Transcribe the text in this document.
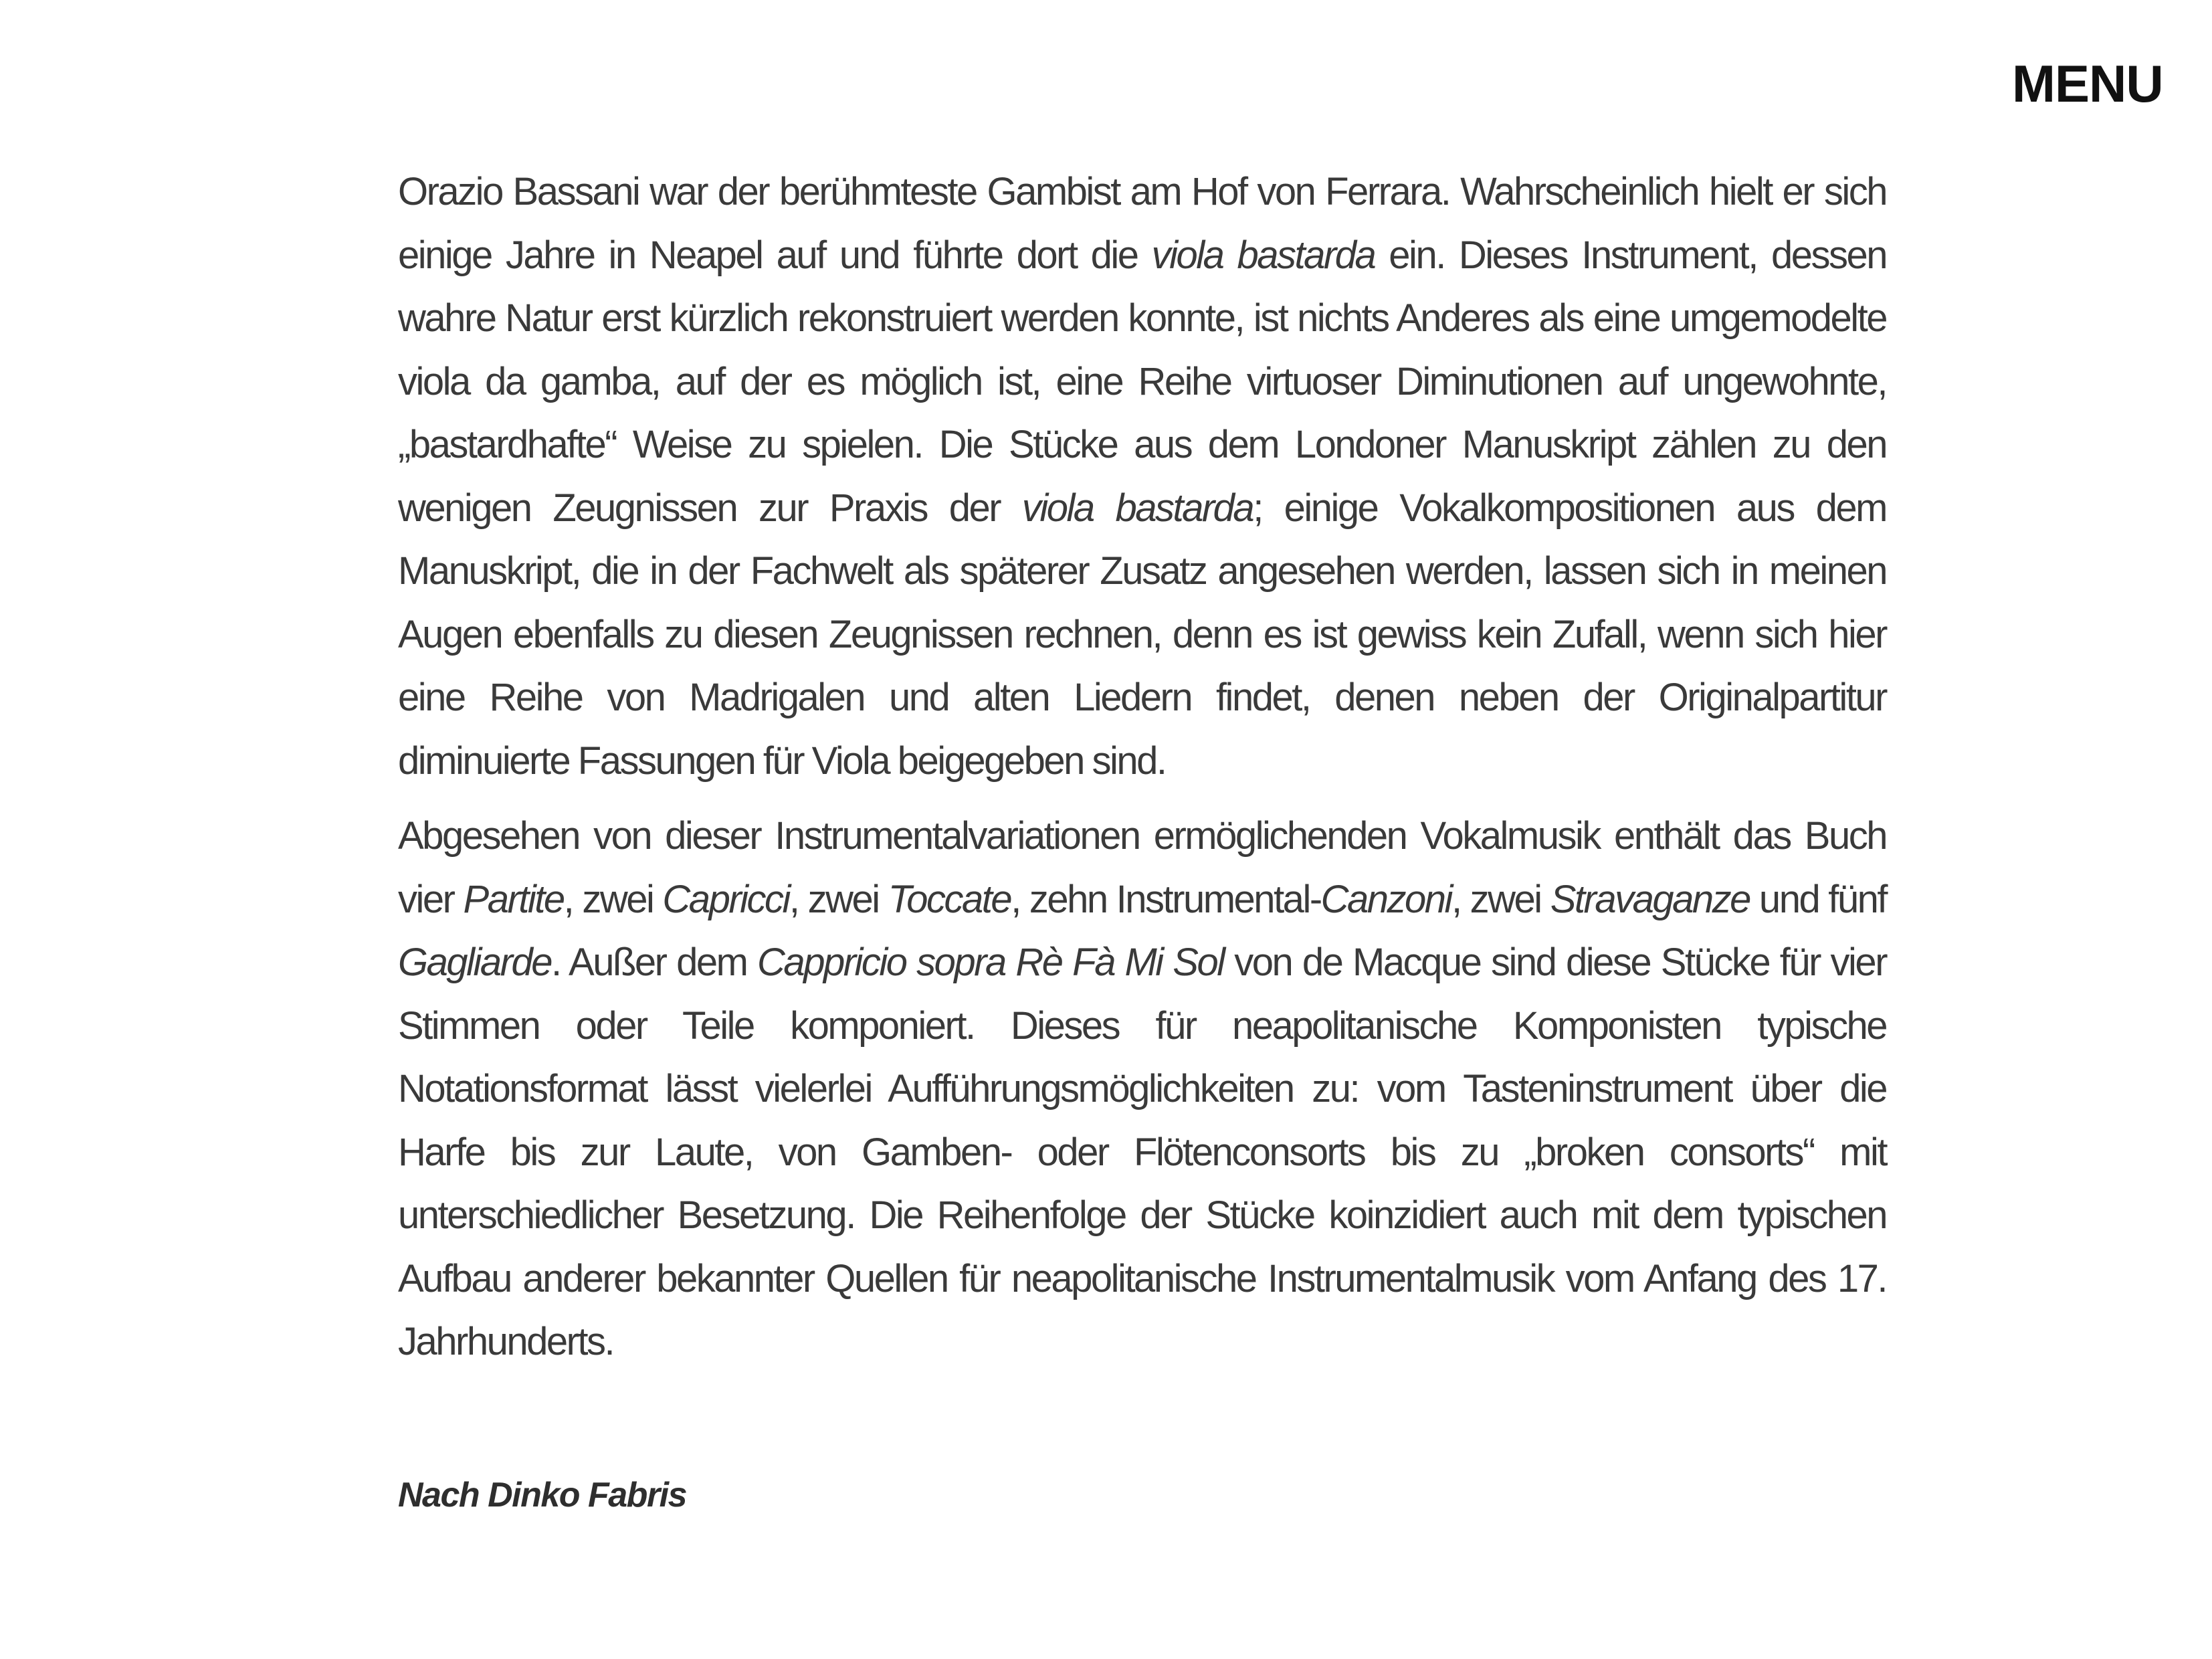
MENU

Orazio Bassani war der berühmteste Gambist am Hof von Ferrara. Wahrscheinlich hielt er sich einige Jahre in Neapel auf und führte dort die viola bastarda ein. Dieses Instrument, dessen wahre Natur erst kürzlich rekonstruiert werden konnte, ist nichts Anderes als eine umgemodelte viola da gamba, auf der es möglich ist, eine Reihe virtuoser Diminutionen auf ungewohnte, „bastardhafte“ Weise zu spielen. Die Stücke aus dem Londoner Manuskript zählen zu den wenigen Zeugnissen zur Praxis der viola bastarda; einige Vokalkompositionen aus dem Manuskript, die in der Fachwelt als späterer Zusatz angesehen werden, lassen sich in meinen Augen ebenfalls zu diesen Zeugnissen rechnen, denn es ist gewiss kein Zufall, wenn sich hier eine Reihe von Madrigalen und alten Liedern findet, denen neben der Originalpartitur diminuierte Fassungen für Viola beigegeben sind.

Abgesehen von dieser Instrumentalvariationen ermöglichenden Vokalmusik enthält das Buch vier Partite, zwei Capricci, zwei Toccate, zehn Instrumental-Canzoni, zwei Stravaganze und fünf Gagliarde. Außer dem Cappricio sopra Rè Fà Mi Sol von de Macque sind diese Stücke für vier Stimmen oder Teile komponiert. Dieses für neapolitanische Komponisten typische Notationsformat lässt vielerlei Aufführungsmöglichkeiten zu: vom Tasteninstrument über die Harfe bis zur Laute, von Gamben- oder Flötenconsorts bis zu „broken consorts“ mit unterschiedlicher Besetzung. Die Reihenfolge der Stücke koinzidiert auch mit dem typischen Aufbau anderer bekannter Quellen für neapolitanische Instrumentalmusik vom Anfang des 17. Jahrhunderts.

Nach Dinko Fabris
